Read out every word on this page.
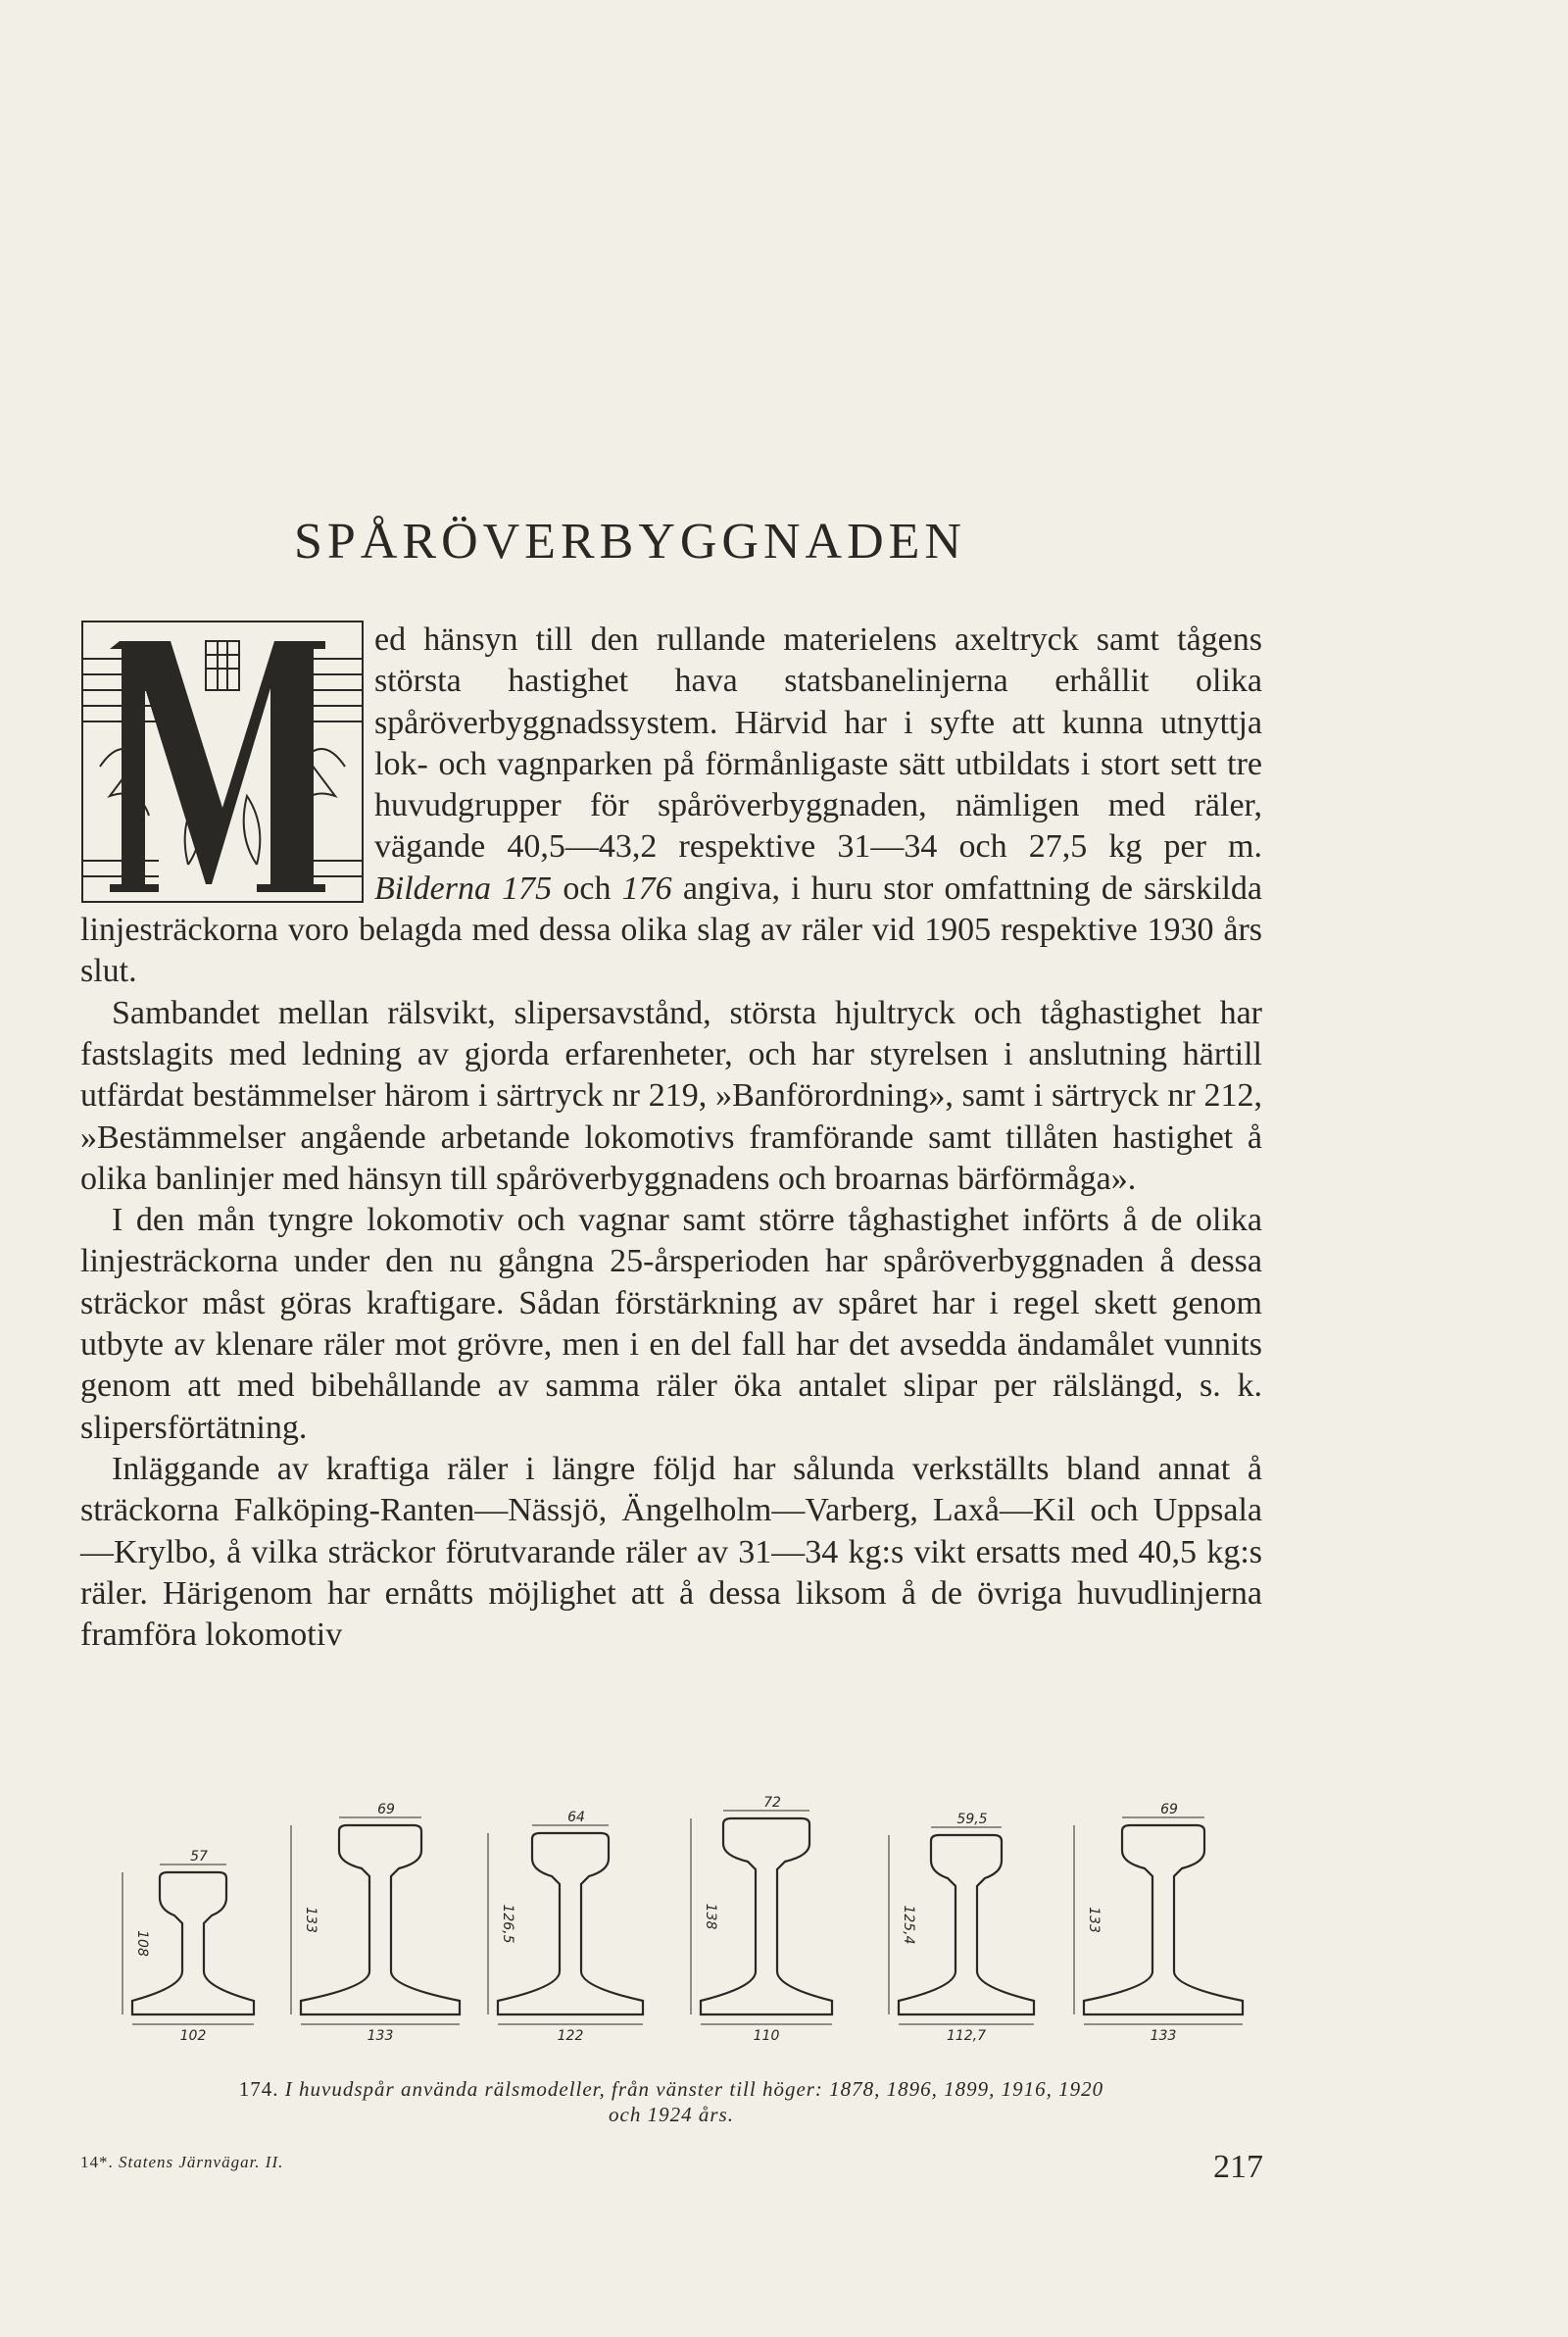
SPÅRÖVERBYGGNADEN

ed hänsyn till den rullande materielens axeltryck samt tågens största hastighet hava statsbanelinjerna erhållit olika spåröverbyggnadssystem. Härvid har i syfte att kunna utnyttja lok- och vagnparken på förmånligaste sätt utbildats i stort sett tre huvudgrupper för spåröverbyggnaden, nämligen med räler, vägande 40,5—43,2 respektive 31—34 och 27,5 kg per m. Bilderna 175 och 176 angiva, i huru stor omfattning de särskilda linjesträckorna voro belagda med dessa olika slag av räler vid 1905 respektive 1930 års slut.

Sambandet mellan rälsvikt, slipersavstånd, största hjultryck och tåghastighet har fastslagits med ledning av gjorda erfarenheter, och har styrelsen i anslutning härtill utfärdat bestämmelser härom i särtryck nr 219, »Banförordning», samt i särtryck nr 212, »Bestämmelser angående arbetande lokomotivs framförande samt tillåten hastighet å olika banlinjer med hänsyn till spåröverbyggnadens och broarnas bärförmåga».

I den mån tyngre lokomotiv och vagnar samt större tåghastighet införts å de olika linjesträckorna under den nu gångna 25-årsperioden har spåröverbyggnaden å dessa sträckor måst göras kraftigare. Sådan förstärkning av spåret har i regel skett genom utbyte av klenare räler mot grövre, men i en del fall har det avsedda ändamålet vunnits genom att med bibehållande av samma räler öka antalet slipar per rälslängd, s. k. slipersförtätning.

Inläggande av kraftiga räler i längre följd har sålunda verkställts bland annat å sträckorna Falköping-Ranten—Nässjö, Ängelholm—Varberg, Laxå—Kil och Uppsala—Krylbo, å vilka sträckor förutvarande räler av 31—34 kg:s vikt ersatts med 40,5 kg:s räler. Härigenom har ernåtts möjlighet att å dessa liksom å de övriga huvudlinjerna framföra lokomotiv

57
102
108
69
133
133
64
122
126,5
72
110
138
59,5
112,7
125,4
69
133
133
174. I huvudspår använda rälsmodeller, från vänster till höger: 1878, 1896, 1899, 1916, 1920
och 1924 års.
14*. Statens Järnvägar. II.	217
